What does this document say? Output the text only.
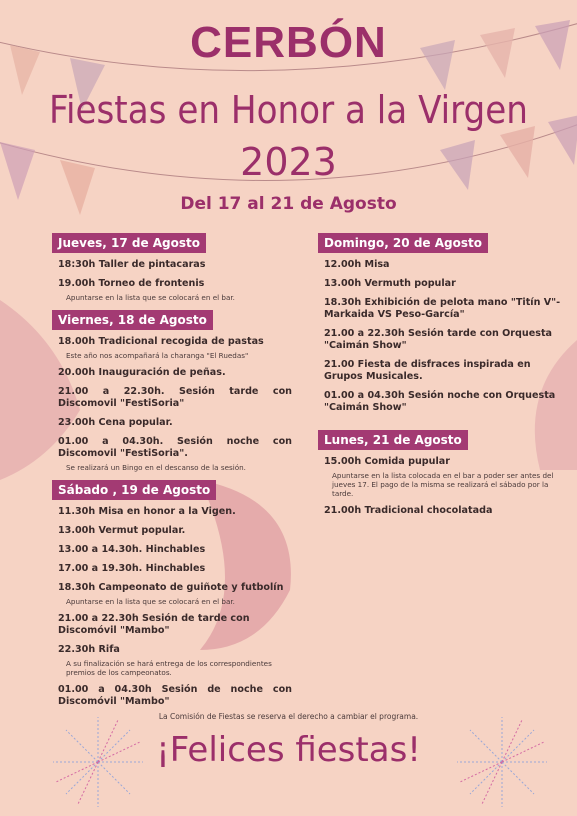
CERBÓN
Fiestas en Honor a la Virgen
2023
Del 17 al 21 de Agosto
Jueves, 17 de Agosto
18:30h Taller de pintacaras
19.00h Torneo de frontenis
Apuntarse en la lista que se colocará en el bar.
Viernes, 18 de Agosto
18.00h Tradicional recogida de pastas
Este año nos acompañará la charanga "El Ruedas"
20.00h Inauguración de peñas.
21.00 a 22.30h. Sesión tarde con Discomovil "FestiSoria"
23.00h Cena popular.
01.00 a 04.30h. Sesión noche con Discomovil "FestiSoria".
Se realizará un Bingo en el descanso de la sesión.
Sábado , 19 de Agosto
11.30h Misa en honor a la Vigen.
13.00h Vermut popular.
13.00 a 14.30h. Hinchables
17.00 a 19.30h. Hinchables
18.30h Campeonato de guiñote y futbolín
Apuntarse en la lista que se colocará en el bar.
21.00 a 22.30h Sesión de tarde con Discomóvil "Mambo"
22.30h Rifa
A su finalización se hará entrega de los correspondientes premios de los campeonatos.
01.00 a 04.30h Sesión de noche con Discomóvil "Mambo"
Domingo, 20 de Agosto
12.00h Misa
13.00h Vermuth popular
18.30h Exhibición de pelota mano "Titín V"-Markaida VS Peso-García"
21.00 a 22.30h Sesión tarde con Orquesta "Caimán Show"
21.00 Fiesta de disfraces inspirada en Grupos Musicales.
01.00 a 04.30h Sesión noche con Orquesta "Caimán Show"
Lunes, 21 de Agosto
15.00h Comida pupular
Apuntarse en la lista colocada en el bar a poder ser antes del jueves 17. El pago de la misma se realizará el sábado por la tarde.
21.00h Tradicional chocolatada
La Comisión de Fiestas se reserva el derecho a cambiar el programa.
¡Felices fiestas!
